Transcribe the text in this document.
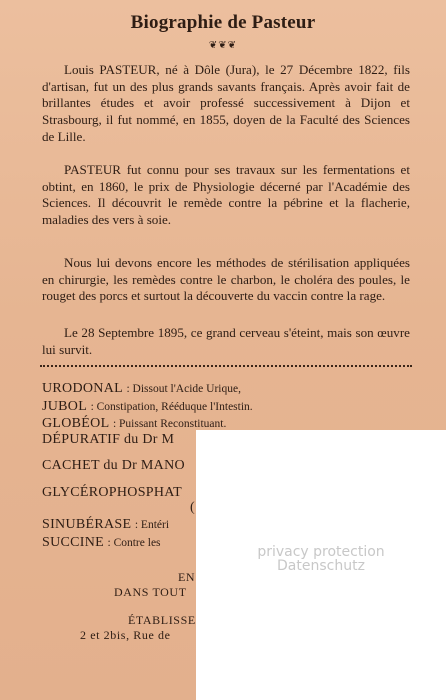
Biographie de Pasteur
❦❦❦

Louis PASTEUR, né à Dôle (Jura), le 27 Décembre 1822, fils d'artisan, fut un des plus grands savants français. Après avoir fait de brillantes études et avoir professé successivement à Dijon et Strasbourg, il fut nommé, en 1855, doyen de la Faculté des Sciences de Lille.

PASTEUR fut connu pour ses travaux sur les fermentations et obtint, en 1860, le prix de Physiologie décerné par l'Académie des Sciences. Il découvrit le remède contre la pébrine et la flacherie, maladies des vers à soie.

Nous lui devons encore les méthodes de stérilisation appliquées en chirurgie, les remèdes contre le charbon, le choléra des poules, le rouget des porcs et surtout la découverte du vaccin contre la rage.

Le 28 Septembre 1895, ce grand cerveau s'éteint, mais son œuvre lui survit.

URODONAL : Dissout l'Acide Urique,
JUBOL : Constipation, Rééduque l'Intestin.
GLOBÉOL : Puissant Reconstituant.
DÉPURATIF du Dr M
CACHET du Dr MANO
GLYCÉROPHOSPHAT
(
SINUBÉRASE : Entéri
SUCCINE : Contre les
EN
DANS TOUT
ÉTABLISSE
2 et 2bis, Rue de
privacy protection
Datenschutz
